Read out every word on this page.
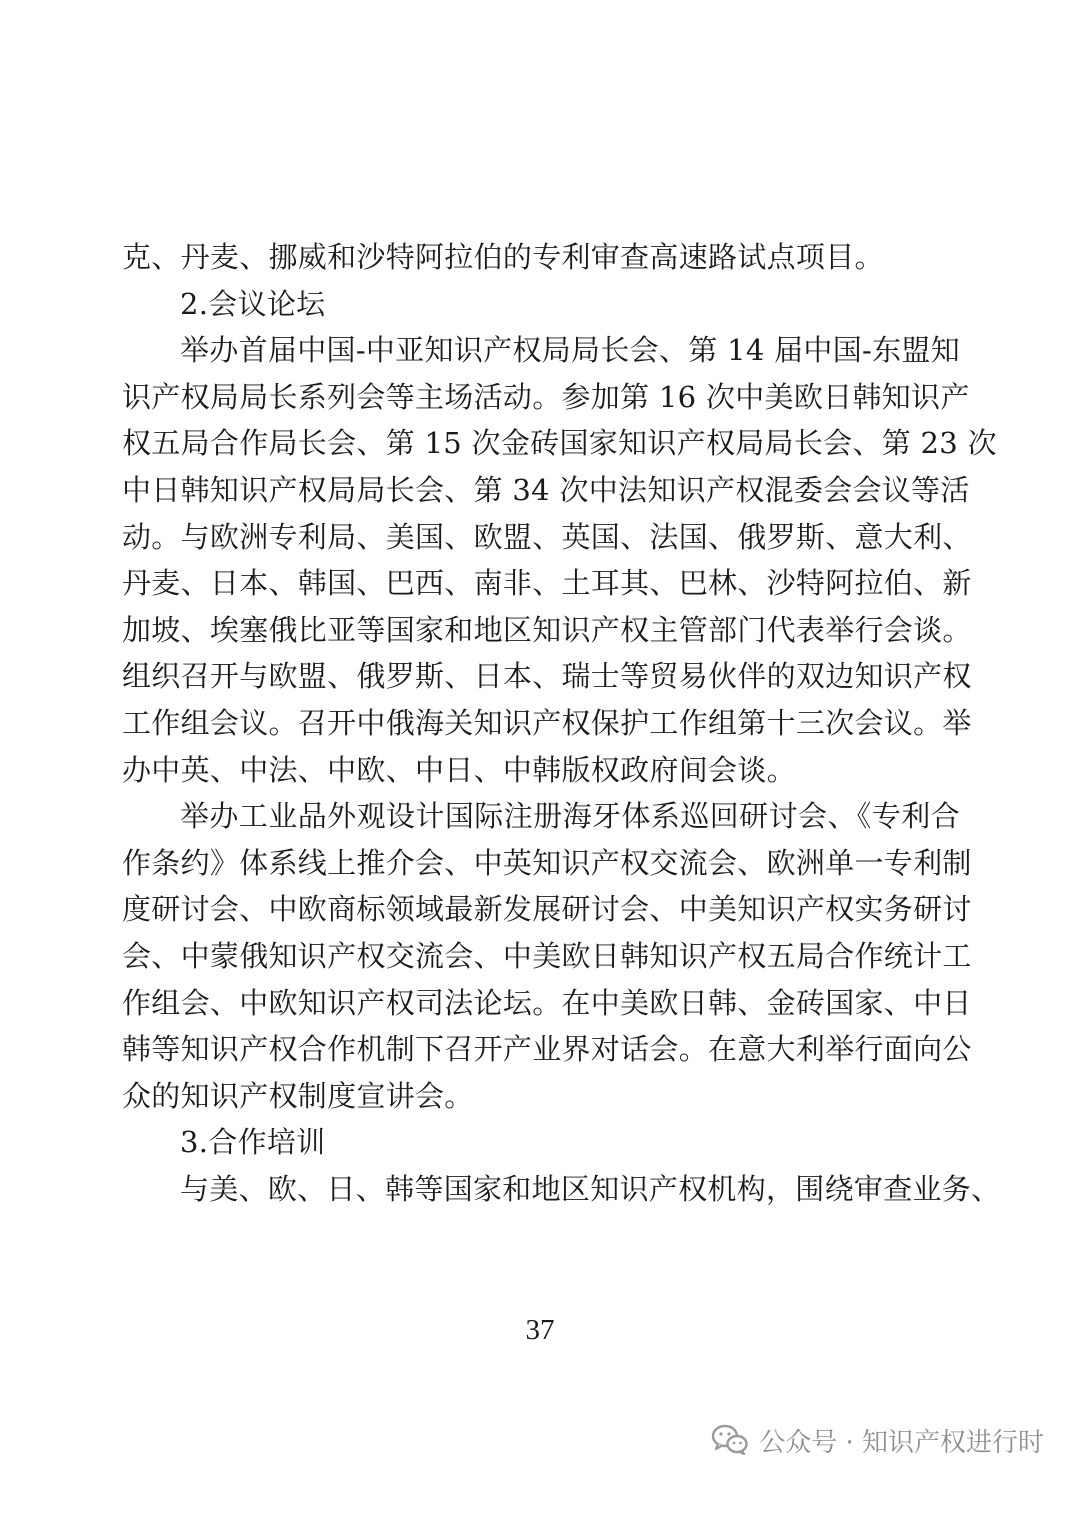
克、丹麦、挪威和沙特阿拉伯的专利审查高速路试点项目。
2.会议论坛
举办首届中国-中亚知识产权局局长会、第 14 届中国-东盟知
识产权局局长系列会等主场活动。参加第 16 次中美欧日韩知识产
权五局合作局长会、第 15 次金砖国家知识产权局局长会、第 23 次
中日韩知识产权局局长会、第 34 次中法知识产权混委会会议等活
动。与欧洲专利局、美国、欧盟、英国、法国、俄罗斯、意大利、
丹麦、日本、韩国、巴西、南非、土耳其、巴林、沙特阿拉伯、新
加坡、埃塞俄比亚等国家和地区知识产权主管部门代表举行会谈。
组织召开与欧盟、俄罗斯、日本、瑞士等贸易伙伴的双边知识产权
工作组会议。召开中俄海关知识产权保护工作组第十三次会议。举
办中英、中法、中欧、中日、中韩版权政府间会谈。
举办工业品外观设计国际注册海牙体系巡回研讨会、《专利合
作条约》体系线上推介会、中英知识产权交流会、欧洲单一专利制
度研讨会、中欧商标领域最新发展研讨会、中美知识产权实务研讨
会、中蒙俄知识产权交流会、中美欧日韩知识产权五局合作统计工
作组会、中欧知识产权司法论坛。在中美欧日韩、金砖国家、中日
韩等知识产权合作机制下召开产业界对话会。在意大利举行面向公
众的知识产权制度宣讲会。
3.合作培训
与美、欧、日、韩等国家和地区知识产权机构，围绕审查业务、
37
公众号 · 知识产权进行时
